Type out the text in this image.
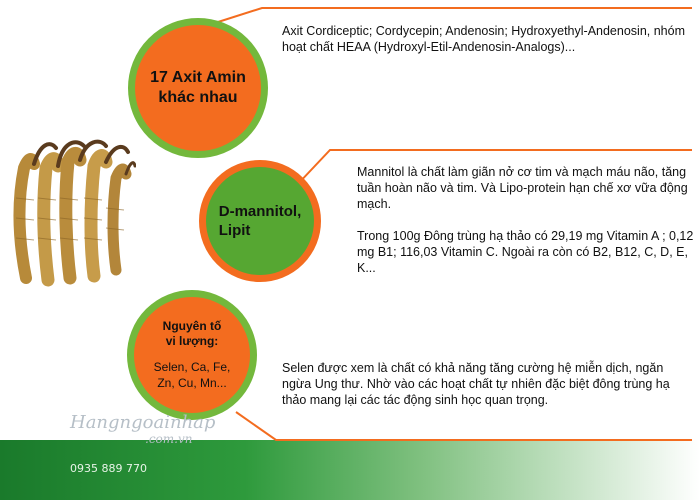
17 Axit Amin
khác nhau
D-mannitol,
Lipit
Nguyên tố
vi lượng:
Selen, Ca, Fe,
Zn, Cu, Mn...
Axit Cordiceptic; Cordycepin; Andenosin; Hydroxyethyl-Andenosin, nhóm hoạt chất HEAA (Hydroxyl-Etil-Andenosin-Analogs)...
Mannitol là chất làm giãn nở cơ tim và mạch máu não, tăng tuần hoàn não và tim. Và Lipo-protein hạn chế xơ vữa động mạch.
Trong 100g Đông trùng hạ thảo có 29,19 mg Vitamin A ; 0,12 mg B1; 116,03 Vitamin C. Ngoài ra còn có B2, B12, C, D, E, K...
Selen được xem là chất có khả năng tăng cường hệ miễn dịch, ngăn ngừa Ung thư. Nhờ vào các hoạt chất tự nhiên đặc biệt đông trùng hạ thảo mang lại các tác động sinh học quan trọng.
Hangngoainhap
.com.vn
0935 889 770
